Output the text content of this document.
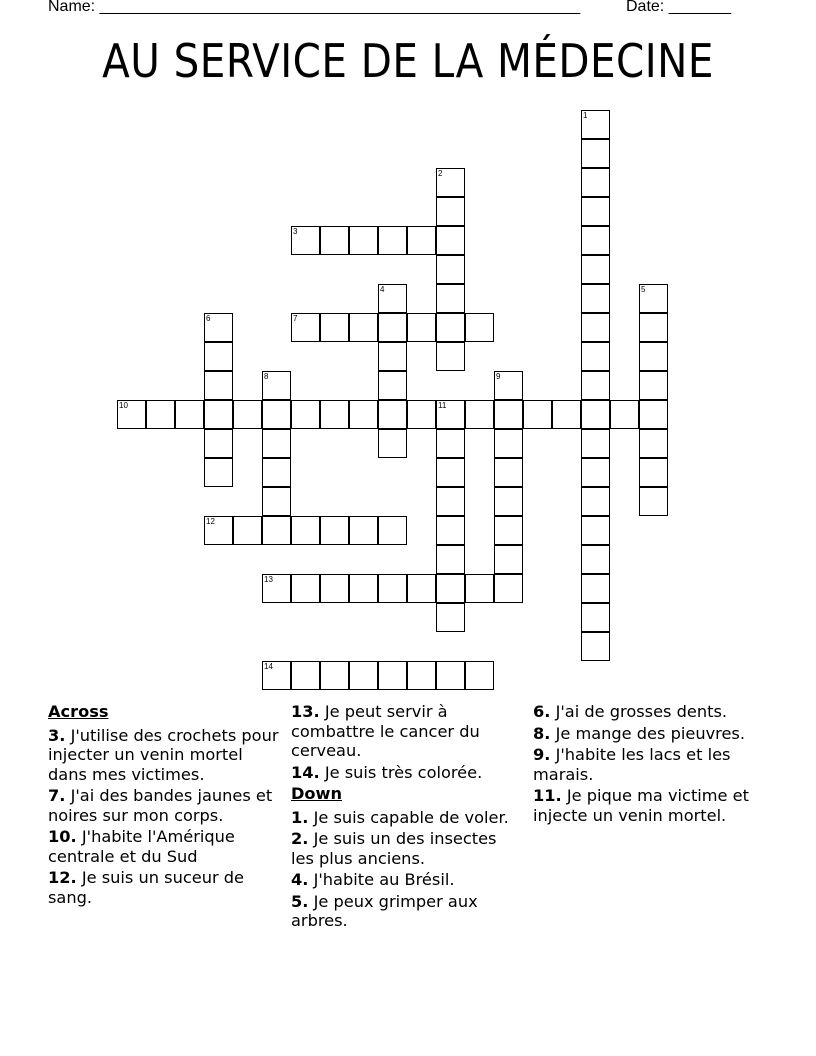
Name: ______________________________________________________	Date: _______
AU SERVICE DE LA MÉDECINE
1
2
3
4	5
6	7
8	9
10	11
12
13
14
Across
3. J'utilise des crochets pour injecter un venin mortel dans mes victimes.
7. J'ai des bandes jaunes et noires sur mon corps.
10. J'habite l'Amérique centrale et du Sud
12. Je suis un suceur de sang.
13. Je peut servir à combattre le cancer du cerveau.
14. Je suis très colorée.
Down
1. Je suis capable de voler.
2. Je suis un des insectes les plus anciens.
4. J'habite au Brésil.
5. Je peux grimper aux arbres.
6. J'ai de grosses dents.
8. Je mange des pieuvres.
9. J'habite les lacs et les marais.
11. Je pique ma victime et injecte un venin mortel.
